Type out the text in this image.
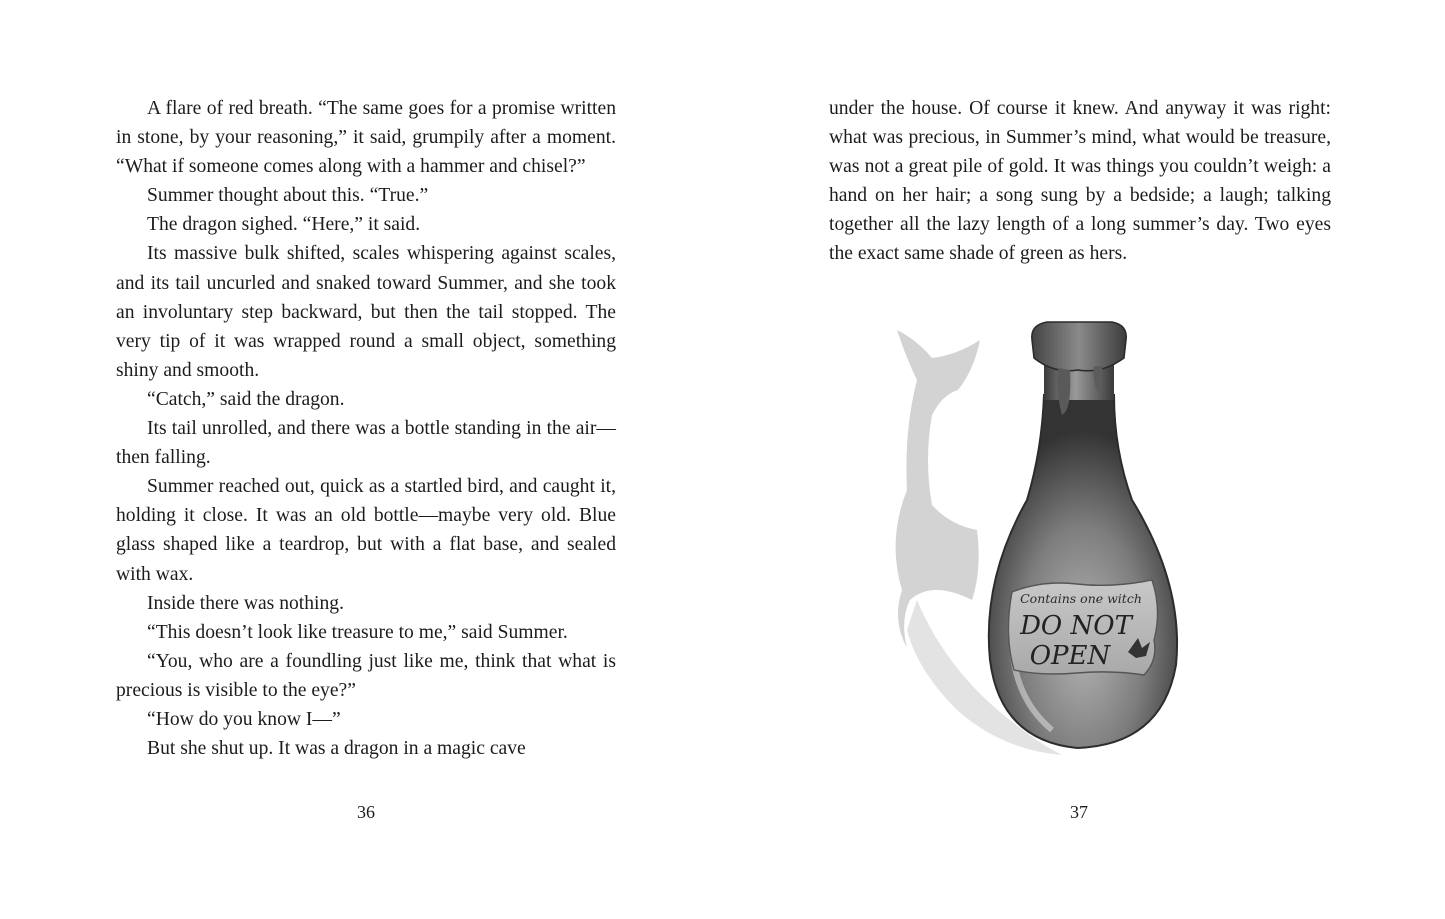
A flare of red breath. “The same goes for a promise written in stone, by your reasoning,” it said, grumpily after a moment. “What if someone comes along with a hammer and chisel?”

Summer thought about this. “True.”

The dragon sighed. “Here,” it said.

Its massive bulk shifted, scales whispering against scales, and its tail uncurled and snaked toward Summer, and she took an involuntary step backward, but then the tail stopped. The very tip of it was wrapped round a small object, something shiny and smooth.

“Catch,” said the dragon.

Its tail unrolled, and there was a bottle standing in the air—then falling.

Summer reached out, quick as a startled bird, and caught it, holding it close. It was an old bottle—maybe very old. Blue glass shaped like a teardrop, but with a flat base, and sealed with wax.

Inside there was nothing.

“This doesn’t look like treasure to me,” said Summer.

“You, who are a foundling just like me, think that what is precious is visible to the eye?”

“How do you know I—”

But she shut up. It was a dragon in a magic cave

36

under the house. Of course it knew. And anyway it was right: what was precious, in Summer’s mind, what would be treasure, was not a great pile of gold. It was things you couldn’t weigh: a hand on her hair; a song sung by a bedside; a laugh; talking together all the lazy length of a long summer’s day. Two eyes the exact same shade of green as hers.

Contains one witch
DO NOT
OPEN
37
